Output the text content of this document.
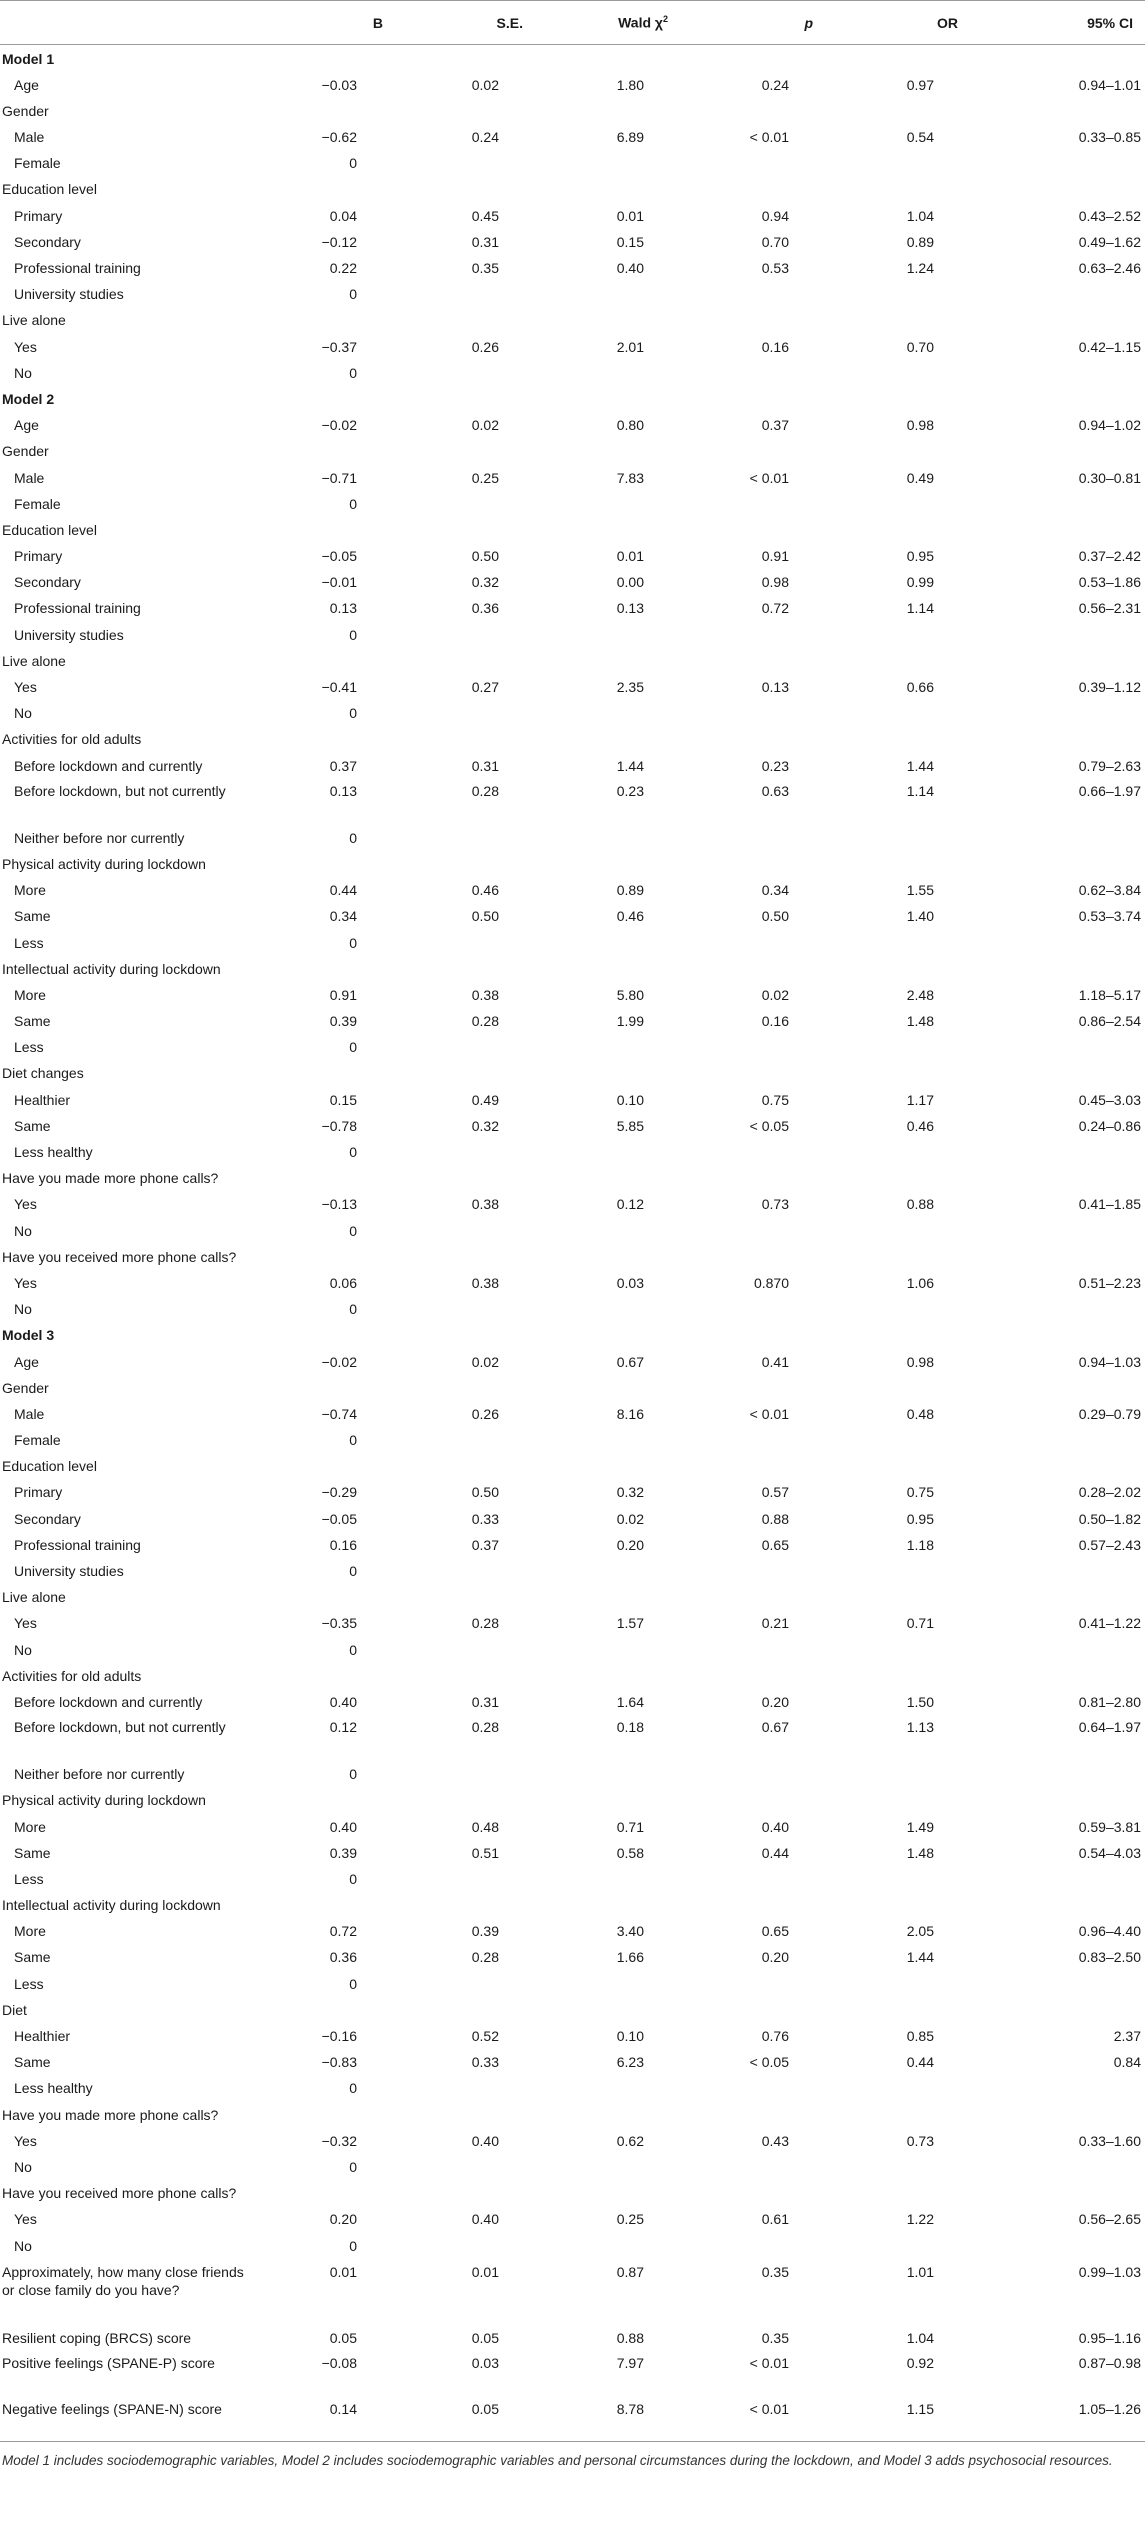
	B	S.E.	Wald $\chi^2$	p	OR	95% CI
Model 1						
Age	−0.03	0.02	1.80	0.24	0.97	0.94–1.01
Gender						
Male	−0.62	0.24	6.89	< 0.01	0.54	0.33–0.85
Female	0					
Education level						
Primary	0.04	0.45	0.01	0.94	1.04	0.43–2.52
Secondary	−0.12	0.31	0.15	0.70	0.89	0.49–1.62
Professional training	0.22	0.35	0.40	0.53	1.24	0.63–2.46
University studies	0					
Live alone						
Yes	−0.37	0.26	2.01	0.16	0.70	0.42–1.15
No	0					
Model 2						
Age	−0.02	0.02	0.80	0.37	0.98	0.94–1.02
Gender						
Male	−0.71	0.25	7.83	< 0.01	0.49	0.30–0.81
Female	0					
Education level						
Primary	−0.05	0.50	0.01	0.91	0.95	0.37–2.42
Secondary	−0.01	0.32	0.00	0.98	0.99	0.53–1.86
Professional training	0.13	0.36	0.13	0.72	1.14	0.56–2.31
University studies	0					
Live alone						
Yes	−0.41	0.27	2.35	0.13	0.66	0.39–1.12
No	0					
Activities for old adults						
Before lockdown and currently	0.37	0.31	1.44	0.23	1.44	0.79–2.63
Before lockdown, but not currently	0.13	0.28	0.23	0.63	1.14	0.66–1.97
Neither before nor currently	0					
Physical activity during lockdown						
More	0.44	0.46	0.89	0.34	1.55	0.62–3.84
Same	0.34	0.50	0.46	0.50	1.40	0.53–3.74
Less	0					
Intellectual activity during lockdown						
More	0.91	0.38	5.80	0.02	2.48	1.18–5.17
Same	0.39	0.28	1.99	0.16	1.48	0.86–2.54
Less	0					
Diet changes						
Healthier	0.15	0.49	0.10	0.75	1.17	0.45–3.03
Same	−0.78	0.32	5.85	< 0.05	0.46	0.24–0.86
Less healthy	0					
Have you made more phone calls?						
Yes	−0.13	0.38	0.12	0.73	0.88	0.41–1.85
No	0					
Have you received more phone calls?						
Yes	0.06	0.38	0.03	0.870	1.06	0.51–2.23
No	0					
Model 3						
Age	−0.02	0.02	0.67	0.41	0.98	0.94–1.03
Gender						
Male	−0.74	0.26	8.16	< 0.01	0.48	0.29–0.79
Female	0					
Education level						
Primary	−0.29	0.50	0.32	0.57	0.75	0.28–2.02
Secondary	−0.05	0.33	0.02	0.88	0.95	0.50–1.82
Professional training	0.16	0.37	0.20	0.65	1.18	0.57–2.43
University studies	0					
Live alone						
Yes	−0.35	0.28	1.57	0.21	0.71	0.41–1.22
No	0					
Activities for old adults						
Before lockdown and currently	0.40	0.31	1.64	0.20	1.50	0.81–2.80
Before lockdown, but not currently	0.12	0.28	0.18	0.67	1.13	0.64–1.97
Neither before nor currently	0					
Physical activity during lockdown						
More	0.40	0.48	0.71	0.40	1.49	0.59–3.81
Same	0.39	0.51	0.58	0.44	1.48	0.54–4.03
Less	0					
Intellectual activity during lockdown						
More	0.72	0.39	3.40	0.65	2.05	0.96–4.40
Same	0.36	0.28	1.66	0.20	1.44	0.83–2.50
Less	0					
Diet						
Healthier	−0.16	0.52	0.10	0.76	0.85	2.37
Same	−0.83	0.33	6.23	< 0.05	0.44	0.84
Less healthy	0					
Have you made more phone calls?						
Yes	−0.32	0.40	0.62	0.43	0.73	0.33–1.60
No	0					
Have you received more phone calls?						
Yes	0.20	0.40	0.25	0.61	1.22	0.56–2.65
No	0					
Approximately, how many close friends or close family do you have?	0.01	0.01	0.87	0.35	1.01	0.99–1.03
Resilient coping (BRCS) score	0.05	0.05	0.88	0.35	1.04	0.95–1.16
Positive feelings (SPANE-P) score	−0.08	0.03	7.97	< 0.01	0.92	0.87–0.98
Negative feelings (SPANE-N) score	0.14	0.05	8.78	< 0.01	1.15	1.05–1.26
Model 1 includes sociodemographic variables, Model 2 includes sociodemographic variables and personal circumstances during the lockdown, and Model 3 adds psychosocial resources.
